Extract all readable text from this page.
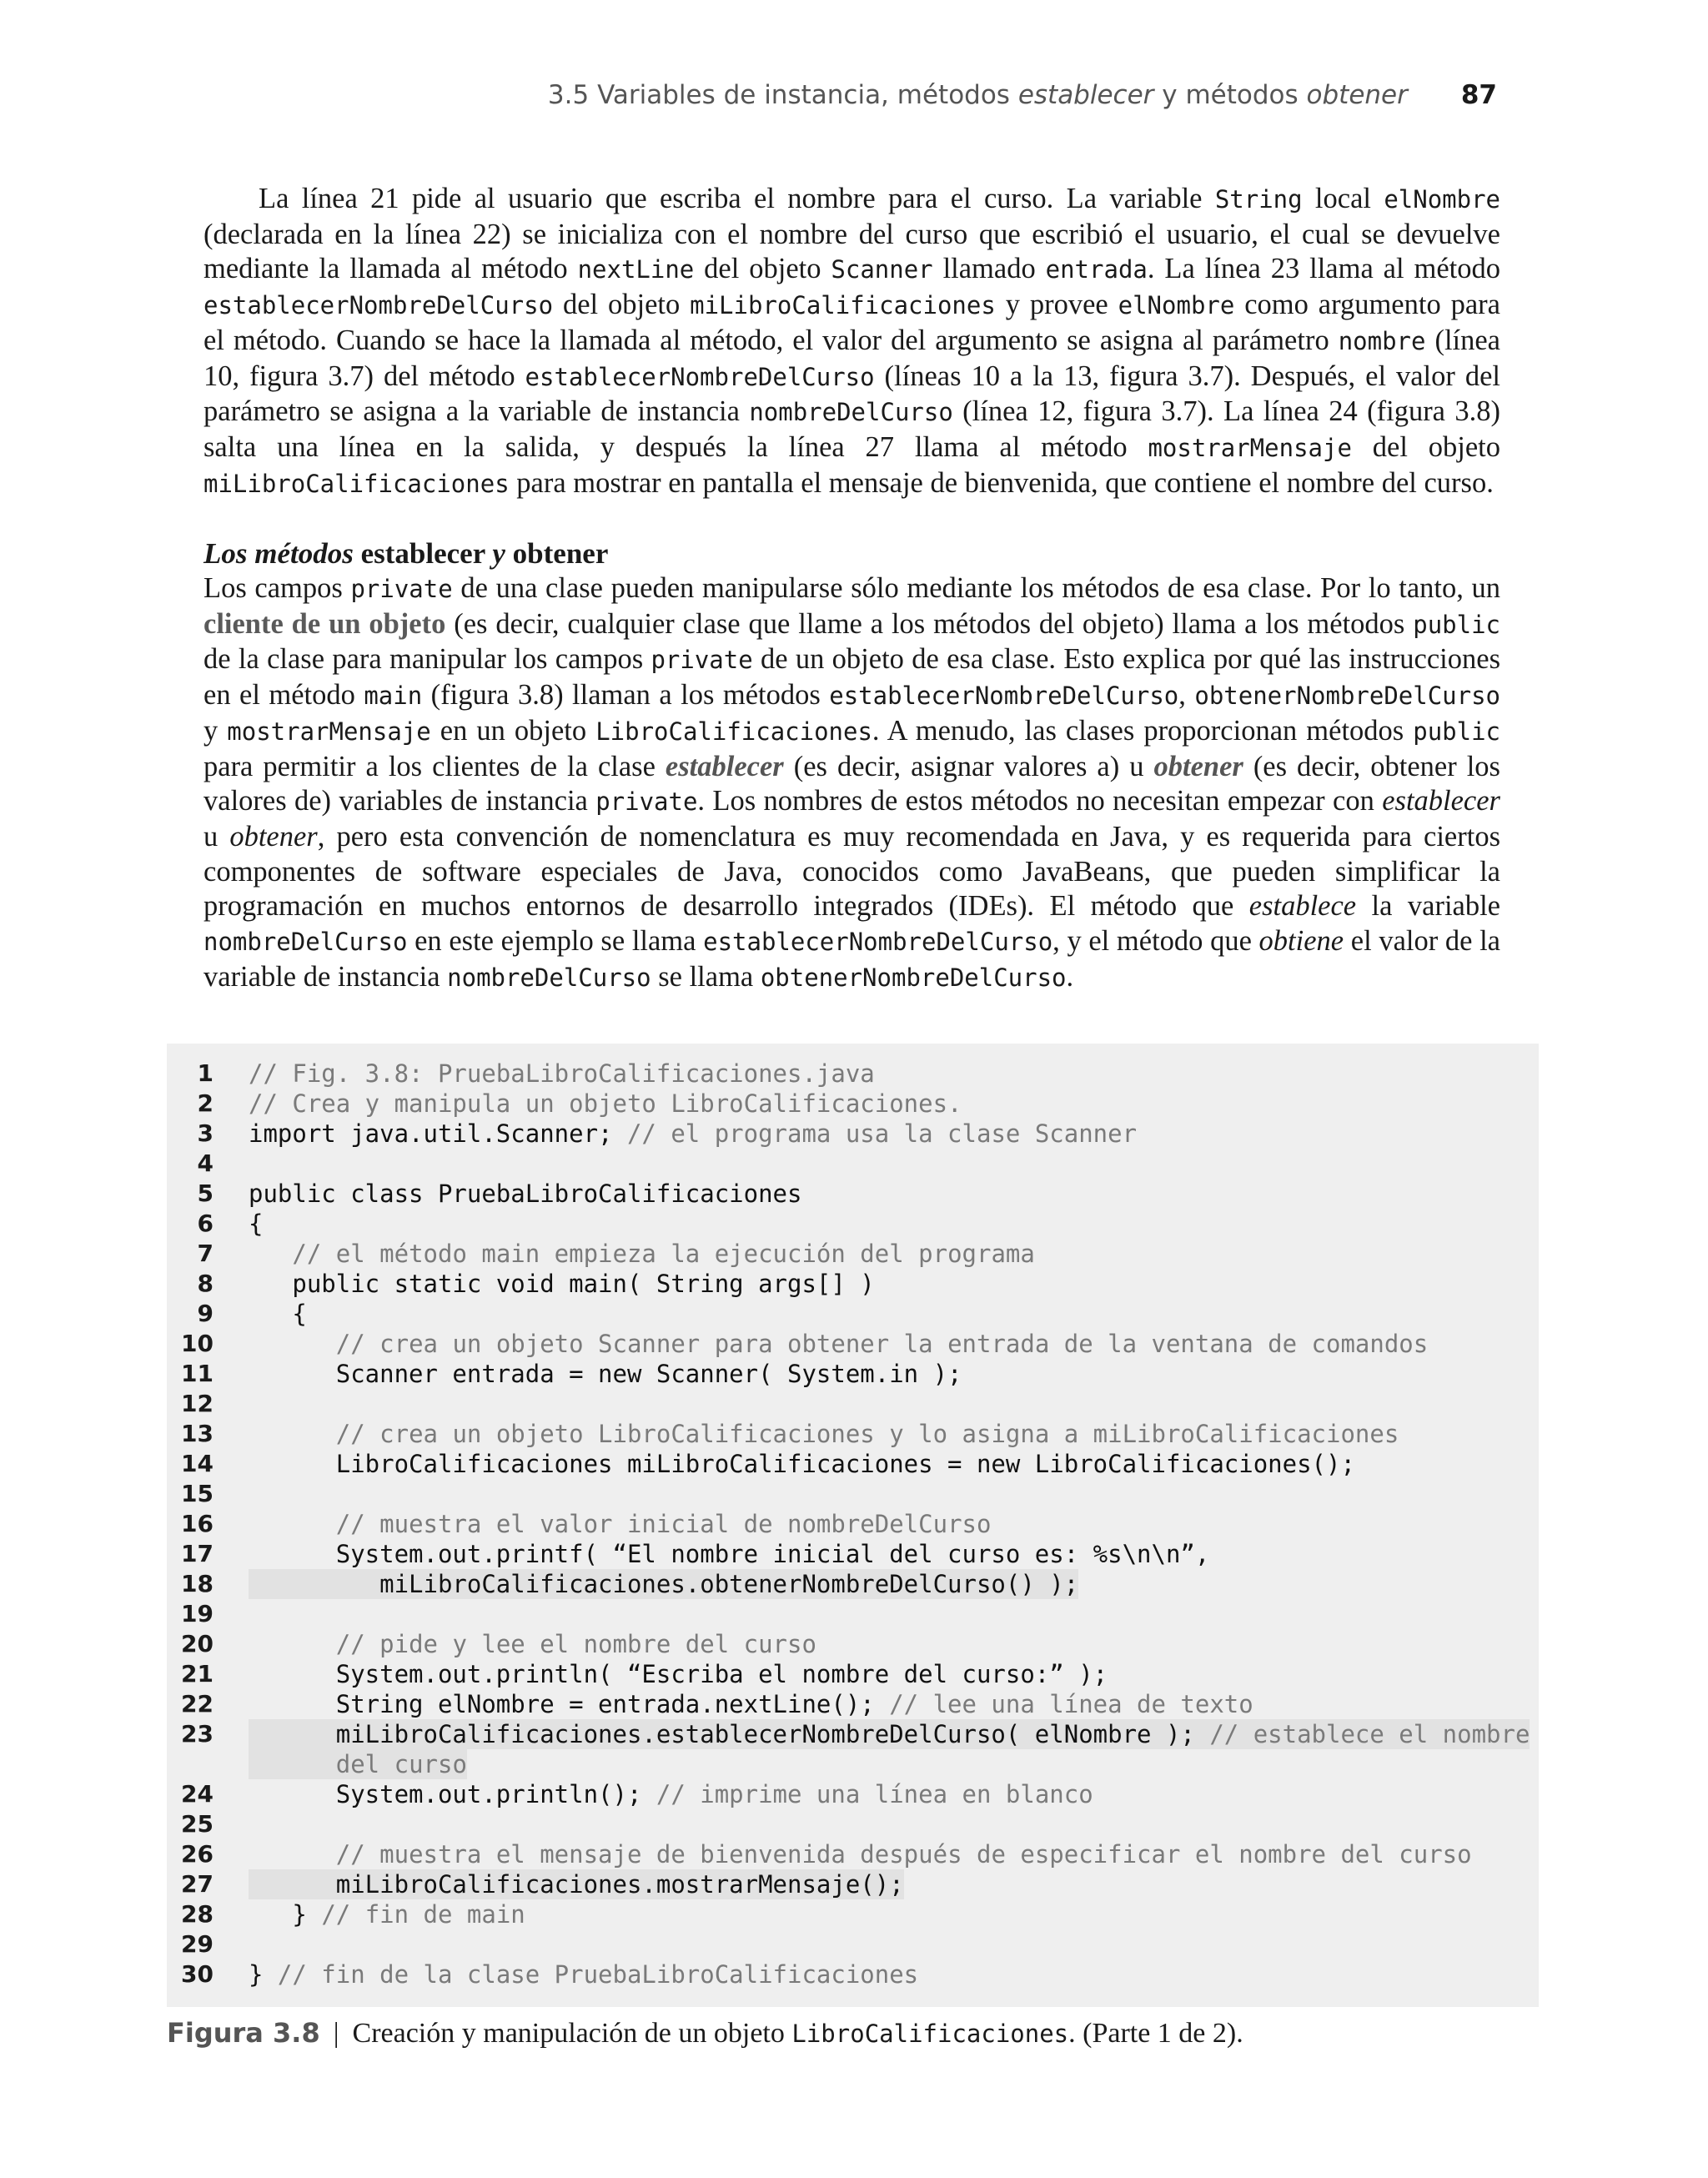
3.5 Variables de instancia, métodos establecer y métodos obtener 87

La línea 21 pide al usuario que escriba el nombre para el curso. La variable String local elNombre (declarada en la línea 22) se inicializa con el nombre del curso que escribió el usuario, el cual se devuelve mediante la llamada al método nextLine del objeto Scanner llamado entrada. La línea 23 llama al método establecerNombreDelCurso del objeto miLibroCalificaciones y provee elNombre como argumento para el método. Cuando se hace la llamada al método, el valor del argumento se asigna al parámetro nombre (línea 10, figura 3.7) del método establecerNombreDelCurso (líneas 10 a la 13, figura 3.7). Después, el valor del parámetro se asigna a la variable de instancia nombreDelCurso (línea 12, figura 3.7). La línea 24 (figura 3.8) salta una línea en la salida, y después la línea 27 llama al método mostrarMensaje del objeto miLibroCalificaciones para mostrar en pantalla el mensaje de bienvenida, que contiene el nombre del curso.

Los métodos establecer y obtener

Los campos private de una clase pueden manipularse sólo mediante los métodos de esa clase. Por lo tanto, un cliente de un objeto (es decir, cualquier clase que llame a los métodos del objeto) llama a los métodos public de la clase para manipular los campos private de un objeto de esa clase. Esto explica por qué las instrucciones en el método main (figura 3.8) llaman a los métodos establecerNombreDelCurso, obtenerNombreDelCurso y mostrarMensaje en un objeto LibroCalificaciones. A menudo, las clases proporcionan métodos public para permitir a los clientes de la clase establecer (es decir, asignar valores a) u obtener (es decir, obtener los valores de) variables de instancia private. Los nombres de estos métodos no necesitan empezar con establecer u obtener, pero esta convención de nomenclatura es muy recomendada en Java, y es requerida para ciertos componentes de software especiales de Java, conocidos como JavaBeans, que pueden simplificar la programación en muchos entornos de desarrollo integrados (IDEs). El método que establece la variable nombreDelCurso en este ejemplo se llama establecerNombreDelCurso, y el método que obtiene el valor de la variable de instancia nombreDelCurso se llama obtenerNombreDelCurso.

1 // Fig. 3.8: PruebaLibroCalificaciones.java
2 // Crea y manipula un objeto LibroCalificaciones.
3 import java.util.Scanner; // el programa usa la clase Scanner
4
5 public class PruebaLibroCalificaciones
6 {
7	// el método main empieza la ejecución del programa
8 public static void main( String args[] )
9 {
10	// crea un objeto Scanner para obtener la entrada de la ventana de comandos
11 Scanner entrada = new Scanner( System.in );
12
13	// crea un objeto LibroCalificaciones y lo asigna a miLibroCalificaciones
14 LibroCalificaciones miLibroCalificaciones = new LibroCalificaciones();
15
16	// muestra el valor inicial de nombreDelCurso
17 System.out.printf( “El nombre inicial del curso es: %s\n\n”,
18 miLibroCalificaciones.obtenerNombreDelCurso() );
19
20	// pide y lee el nombre del curso
21 System.out.println( “Escriba el nombre del curso:” );
22 String elNombre = entrada.nextLine(); // lee una línea de texto
23 miLibroCalificaciones.establecerNombreDelCurso( elNombre ); // establece el nombre
del curso
24 System.out.println(); // imprime una línea en blanco
25
26	// muestra el mensaje de bienvenida después de especificar el nombre del curso
27 miLibroCalificaciones.mostrarMensaje();
28 } // fin de main
29
30 } // fin de la clase PruebaLibroCalificaciones
Figura 3.8 | Creación y manipulación de un objeto LibroCalificaciones. (Parte 1 de 2).
